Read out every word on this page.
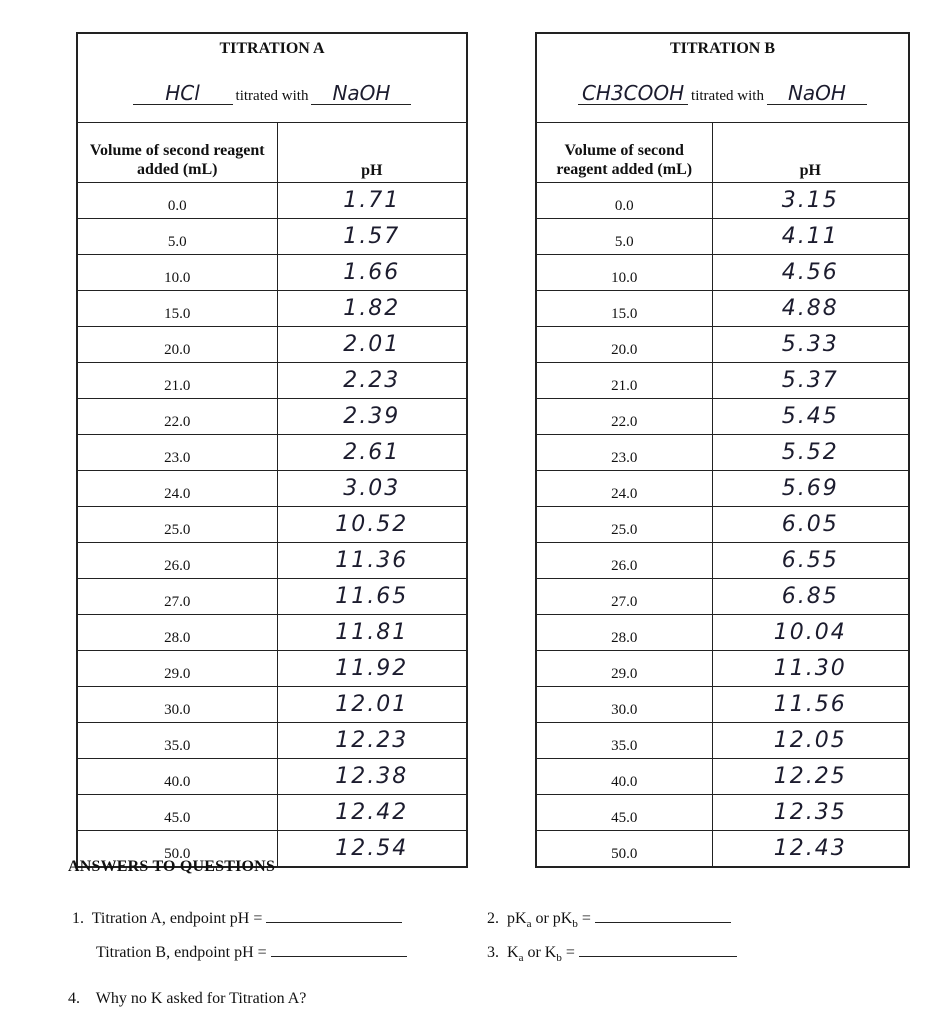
TITRATION A	
HCl titrated with NaOH	
Volume of second reagent added (mL)	pH
0.0	1.71
5.0	1.57
10.0	1.66
15.0	1.82
20.0	2.01
21.0	2.23
22.0	2.39
23.0	2.61
24.0	3.03
25.0	10.52
26.0	11.36
27.0	11.65
28.0	11.81
29.0	11.92
30.0	12.01
35.0	12.23
40.0	12.38
45.0	12.42
50.0	12.54
TITRATION B	
CH3COOH titrated with NaOH	
Volume of second reagent added (mL)	pH
0.0	3.15
5.0	4.11
10.0	4.56
15.0	4.88
20.0	5.33
21.0	5.37
22.0	5.45
23.0	5.52
24.0	5.69
25.0	6.05
26.0	6.55
27.0	6.85
28.0	10.04
29.0	11.30
30.0	11.56
35.0	12.05
40.0	12.25
45.0	12.35
50.0	12.43
ANSWERS TO QUESTIONS
1. Titration A, endpoint pH =
Titration B, endpoint pH =
2. $pK_a$ or $pK_b$ =
3. $K_a$ or $K_b$ =
4. Why no K asked for Titration A?
